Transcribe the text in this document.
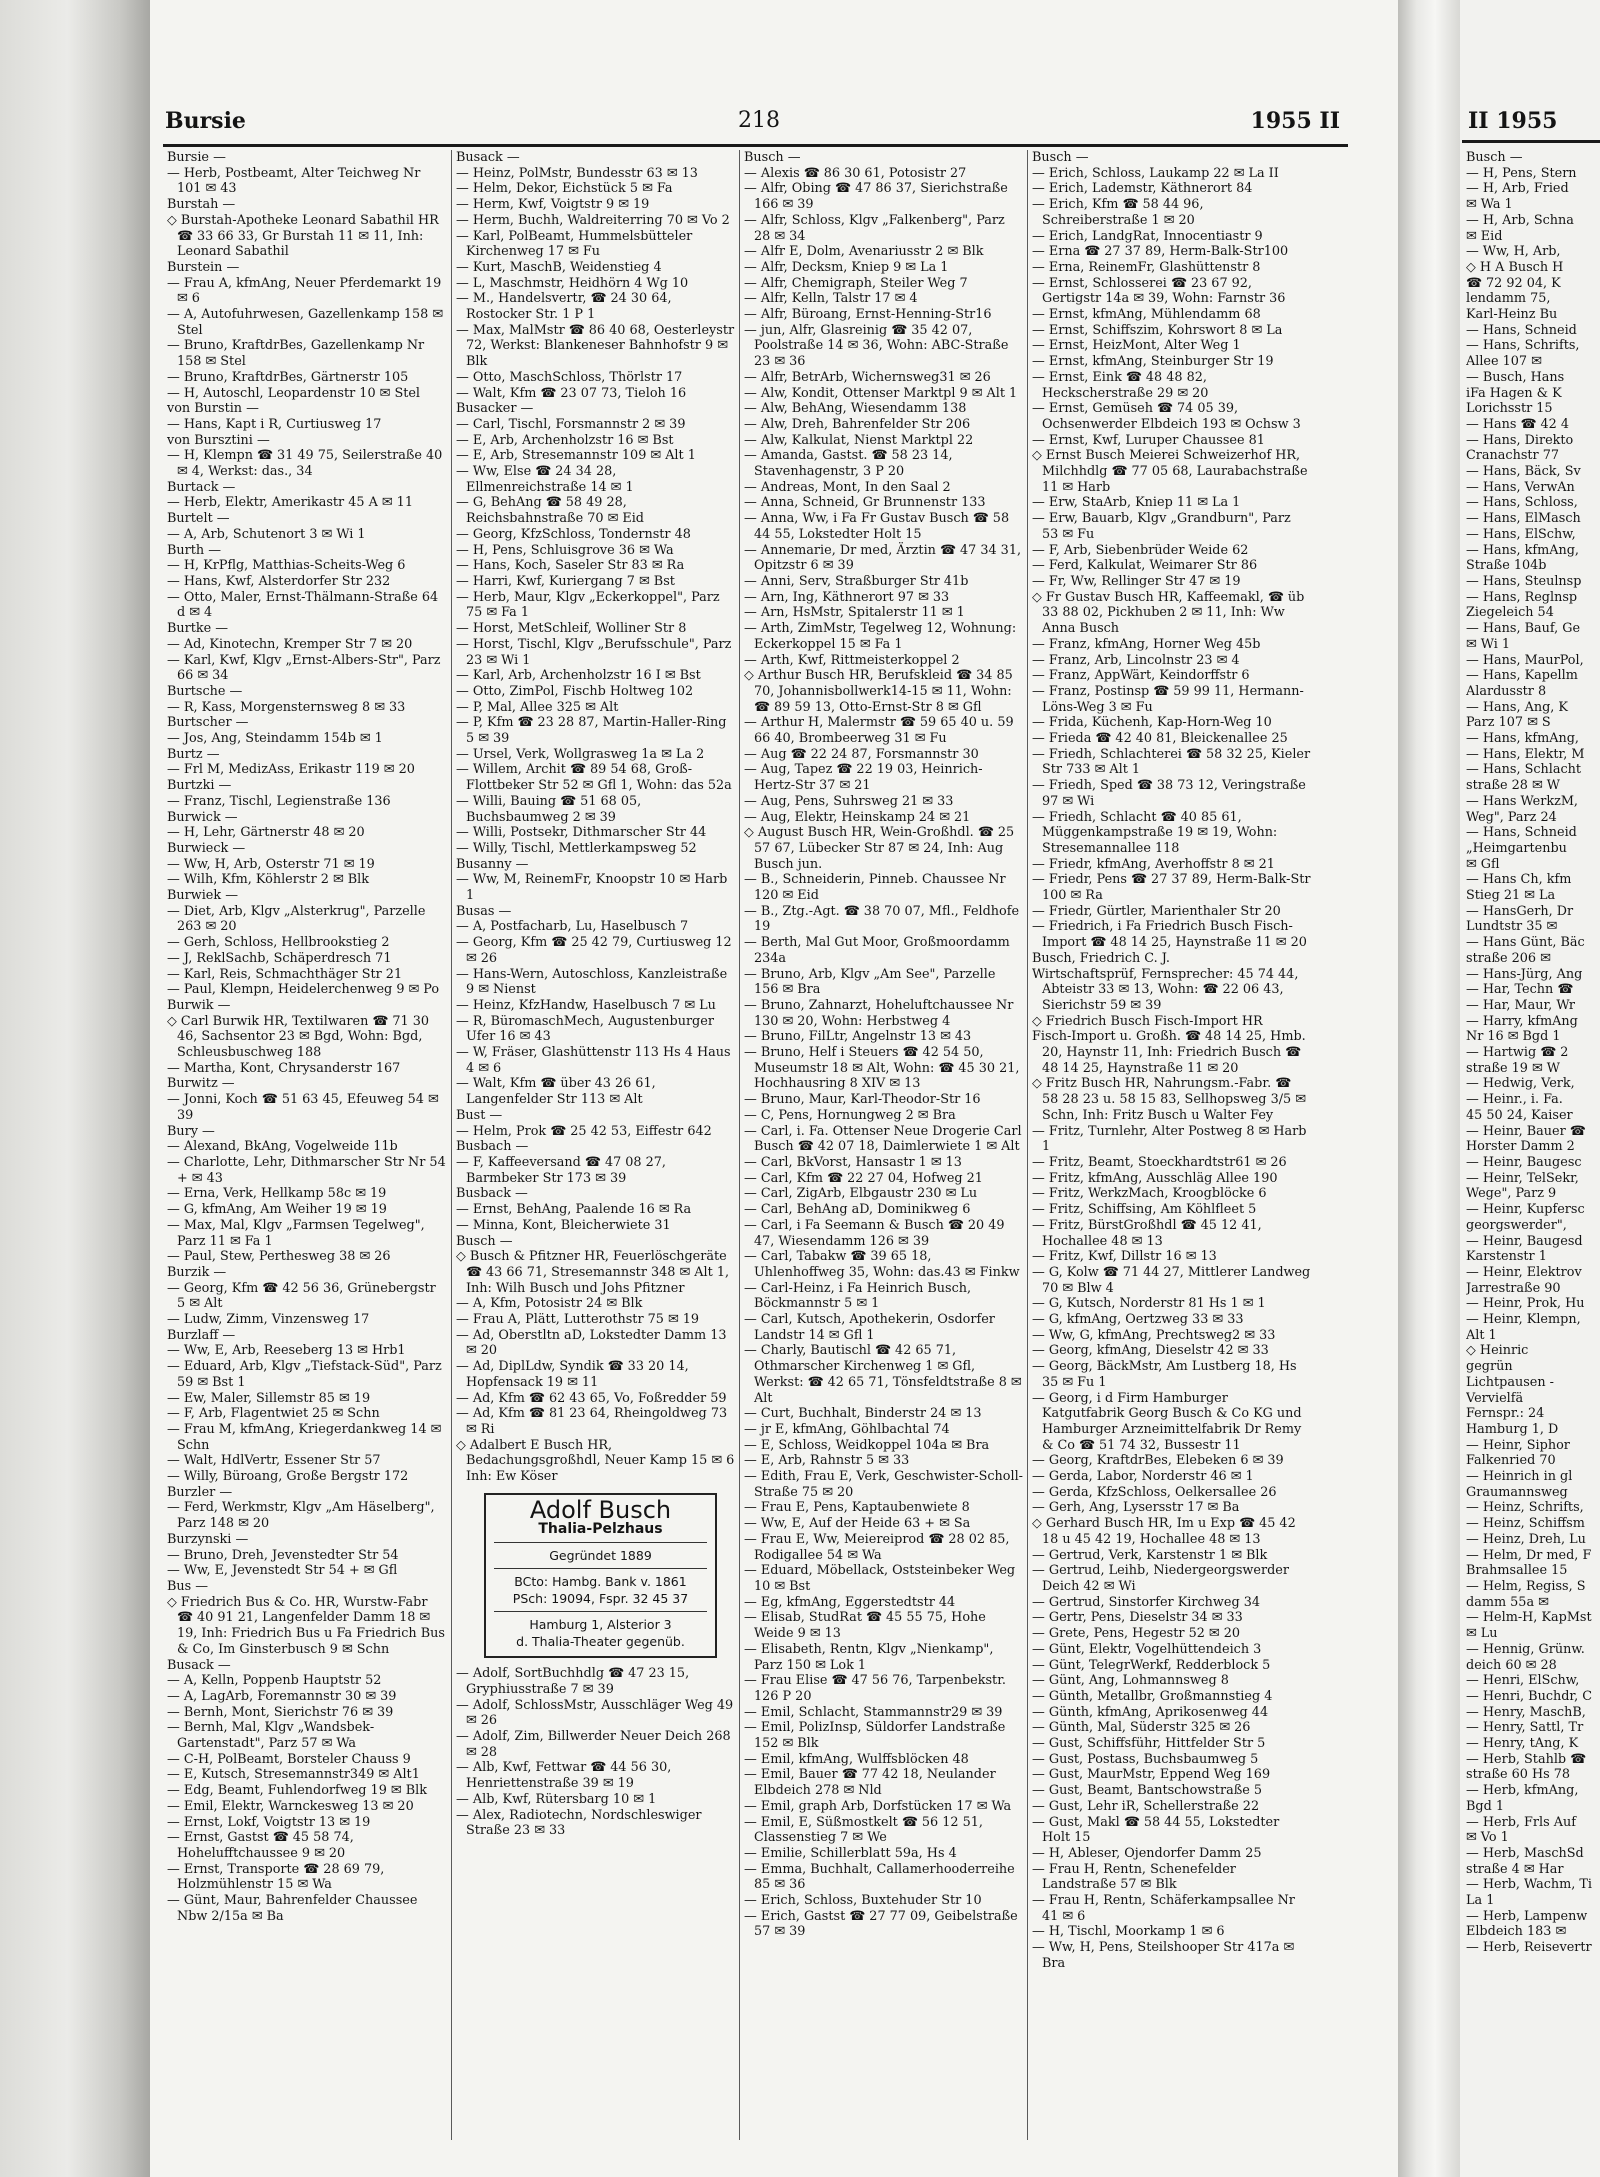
Bursie	218	1955 II
Bursie —
— Herb, Postbeamt, Alter Teichweg Nr 101 ✉ 43
Burstah —
◇ Burstah-Apotheke Leonard Sabathil HR ☎ 33 66 33, Gr Burstah 11 ✉ 11, Inh: Leonard Sabathil
Burstein —
— Frau A, kfmAng, Neuer Pferdemarkt 19 ✉ 6
— A, Autofuhrwesen, Gazellenkamp 158 ✉ Stel
— Bruno, KraftdrBes, Gazellenkamp Nr 158 ✉ Stel
— Bruno, KraftdrBes, Gärtnerstr 105
— H, Autoschl, Leopardenstr 10 ✉ Stel
von Burstin —
— Hans, Kapt i R, Curtiusweg 17
von Bursztini —
— H, Klempn ☎ 31 49 75, Seilerstraße 40 ✉ 4, Werkst: das., 34
Burtack —
— Herb, Elektr, Amerikastr 45 A ✉ 11
Burtelt —
— A, Arb, Schutenort 3 ✉ Wi 1
Burth —
— H, KrPflg, Matthias-Scheits-Weg 6
— Hans, Kwf, Alsterdorfer Str 232
— Otto, Maler, Ernst-Thälmann-Straße 64 d ✉ 4
Burtke —
— Ad, Kinotechn, Kremper Str 7 ✉ 20
— Karl, Kwf, Klgv „Ernst-Albers-Str", Parz 66 ✉ 34
Burtsche —
— R, Kass, Morgensternsweg 8 ✉ 33
Burtscher —
— Jos, Ang, Steindamm 154b ✉ 1
Burtz —
— Frl M, MedizAss, Erikastr 119 ✉ 20
Burtzki —
— Franz, Tischl, Legienstraße 136
Burwick —
— H, Lehr, Gärtnerstr 48 ✉ 20
Burwieck —
— Ww, H, Arb, Osterstr 71 ✉ 19
— Wilh, Kfm, Köhlerstr 2 ✉ Blk
Burwiek —
— Diet, Arb, Klgv „Alsterkrug", Parzelle 263 ✉ 20
— Gerh, Schloss, Hellbrookstieg 2
— J, ReklSachb, Schäperdresch 71
— Karl, Reis, Schmachthäger Str 21
— Paul, Klempn, Heidelerchenweg 9 ✉ Po
Burwik —
◇ Carl Burwik HR, Textilwaren ☎ 71 30 46, Sachsentor 23 ✉ Bgd, Wohn: Bgd, Schleusbuschweg 188
— Martha, Kont, Chrysanderstr 167
Burwitz —
— Jonni, Koch ☎ 51 63 45, Efeuweg 54 ✉ 39
Bury —
— Alexand, BkAng, Vogelweide 11b
— Charlotte, Lehr, Dithmarscher Str Nr 54 + ✉ 43
— Erna, Verk, Hellkamp 58c ✉ 19
— G, kfmAng, Am Weiher 19 ✉ 19
— Max, Mal, Klgv „Farmsen Tegelweg", Parz 11 ✉ Fa 1
— Paul, Stew, Perthesweg 38 ✉ 26
Burzik —
— Georg, Kfm ☎ 42 56 36, Grünebergstr 5 ✉ Alt
— Ludw, Zimm, Vinzensweg 17
Burzlaff —
— Ww, E, Arb, Reeseberg 13 ✉ Hrb1
— Eduard, Arb, Klgv „Tiefstack-Süd", Parz 59 ✉ Bst 1
— Ew, Maler, Sillemstr 85 ✉ 19
— F, Arb, Flagentwiet 25 ✉ Schn
— Frau M, kfmAng, Kriegerdankweg 14 ✉ Schn
— Walt, HdlVertr, Essener Str 57
— Willy, Büroang, Große Bergstr 172
Burzler —
— Ferd, Werkmstr, Klgv „Am Häselberg", Parz 148 ✉ 20
Burzynski —
— Bruno, Dreh, Jevenstedter Str 54
— Ww, E, Jevenstedt Str 54 + ✉ Gfl
Bus —
◇ Friedrich Bus & Co. HR, Wurstw-Fabr ☎ 40 91 21, Langenfelder Damm 18 ✉ 19, Inh: Friedrich Bus u Fa Friedrich Bus & Co, Im Ginsterbusch 9 ✉ Schn
Busack —
— A, Kelln, Poppenb Hauptstr 52
— A, LagArb, Foremannstr 30 ✉ 39
— Bernh, Mont, Sierichstr 76 ✉ 39
— Bernh, Mal, Klgv „Wandsbek-Gartenstadt", Parz 57 ✉ Wa
— C-H, PolBeamt, Borsteler Chauss 9
— E, Kutsch, Stresemannstr349 ✉ Alt1
— Edg, Beamt, Fuhlendorfweg 19 ✉ Blk
— Emil, Elektr, Warnckesweg 13 ✉ 20
— Ernst, Lokf, Voigtstr 13 ✉ 19
— Ernst, Gastst ☎ 45 58 74, Hohelufftchaussee 9 ✉ 20
— Ernst, Transporte ☎ 28 69 79, Holzmühlenstr 15 ✉ Wa
— Günt, Maur, Bahrenfelder Chaussee Nbw 2/15a ✉ Ba
Busack —
— Heinz, PolMstr, Bundesstr 63 ✉ 13
— Helm, Dekor, Eichstück 5 ✉ Fa
— Herm, Kwf, Voigtstr 9 ✉ 19
— Herm, Buchh, Waldreiterring 70 ✉ Vo 2
— Karl, PolBeamt, Hummelsbütteler Kirchenweg 17 ✉ Fu
— Kurt, MaschB, Weidenstieg 4
— L, Maschmstr, Heidhörn 4 Wg 10
— M., Handelsvertr, ☎ 24 30 64, Rostocker Str. 1 P 1
— Max, MalMstr ☎ 86 40 68, Oesterleystr 72, Werkst: Blankeneser Bahnhofstr 9 ✉ Blk
— Otto, MaschSchloss, Thörlstr 17
— Walt, Kfm ☎ 23 07 73, Tieloh 16
Busacker —
— Carl, Tischl, Forsmannstr 2 ✉ 39
— E, Arb, Archenholzstr 16 ✉ Bst
— E, Arb, Stresemannstr 109 ✉ Alt 1
— Ww, Else ☎ 24 34 28, Ellmenreichstraße 14 ✉ 1
— G, BehAng ☎ 58 49 28, Reichsbahnstraße 70 ✉ Eid
— Georg, KfzSchloss, Tondernstr 48
— H, Pens, Schluisgrove 36 ✉ Wa
— Hans, Koch, Saseler Str 83 ✉ Ra
— Harri, Kwf, Kuriergang 7 ✉ Bst
— Herb, Maur, Klgv „Eckerkoppel", Parz 75 ✉ Fa 1
— Horst, MetSchleif, Wolliner Str 8
— Horst, Tischl, Klgv „Berufsschule", Parz 23 ✉ Wi 1
— Karl, Arb, Archenholzstr 16 I ✉ Bst
— Otto, ZimPol, Fischb Holtweg 102
— P, Mal, Allee 325 ✉ Alt
— P, Kfm ☎ 23 28 87, Martin-Haller-Ring 5 ✉ 39
— Ursel, Verk, Wollgrasweg 1a ✉ La 2
— Willem, Archit ☎ 89 54 68, Groß-Flottbeker Str 52 ✉ Gfl 1, Wohn: das 52a
— Willi, Bauing ☎ 51 68 05, Buchsbaumweg 2 ✉ 39
— Willi, Postsekr, Dithmarscher Str 44
— Willy, Tischl, Mettlerkampsweg 52
Busanny —
— Ww, M, ReinemFr, Knoopstr 10 ✉ Harb 1
Busas —
— A, Postfacharb, Lu, Haselbusch 7
— Georg, Kfm ☎ 25 42 79, Curtiusweg 12 ✉ 26
— Hans-Wern, Autoschloss, Kanzleistraße 9 ✉ Nienst
— Heinz, KfzHandw, Haselbusch 7 ✉ Lu
— R, BüromaschMech, Augustenburger Ufer 16 ✉ 43
— W, Fräser, Glashüttenstr 113 Hs 4 Haus 4 ✉ 6
— Walt, Kfm ☎ über 43 26 61, Langenfelder Str 113 ✉ Alt
Bust —
— Helm, Prok ☎ 25 42 53, Eiffestr 642
Busbach —
— F, Kaffeeversand ☎ 47 08 27, Barmbeker Str 173 ✉ 39
Busback —
— Ernst, BehAng, Paalende 16 ✉ Ra
— Minna, Kont, Bleicherwiete 31
Busch —
◇ Busch & Pfitzner HR, Feuerlöschgeräte ☎ 43 66 71, Stresemannstr 348 ✉ Alt 1, Inh: Wilh Busch und Johs Pfitzner
— A, Kfm, Potosistr 24 ✉ Blk
— Frau A, Plätt, Lutterothstr 75 ✉ 19
— Ad, Oberstltn aD, Lokstedter Damm 13 ✉ 20
— Ad, DiplLdw, Syndik ☎ 33 20 14, Hopfensack 19 ✉ 11
— Ad, Kfm ☎ 62 43 65, Vo, Foßredder 59
— Ad, Kfm ☎ 81 23 64, Rheingoldweg 73 ✉ Ri
◇ Adalbert E Busch HR, Bedachungsgroßhdl, Neuer Kamp 15 ✉ 6 Inh: Ew Köser
Adolf Busch
Thalia-Pelzhaus
Gegründet 1889
BCto: Hambg. Bank v. 1861
PSch: 19094, Fspr. 32 45 37
Hamburg 1, Alsterior 3
d. Thalia-Theater gegenüb.
— Adolf, SortBuchhdlg ☎ 47 23 15, Gryphiusstraße 7 ✉ 39
— Adolf, SchlossMstr, Ausschläger Weg 49 ✉ 26
— Adolf, Zim, Billwerder Neuer Deich 268 ✉ 28
— Alb, Kwf, Fettwar ☎ 44 56 30, Henriettenstraße 39 ✉ 19
— Alb, Kwf, Rütersbarg 10 ✉ 1
— Alex, Radiotechn, Nordschleswiger Straße 23 ✉ 33
Busch —
— Alexis ☎ 86 30 61, Potosistr 27
— Alfr, Obing ☎ 47 86 37, Sierichstraße 166 ✉ 39
— Alfr, Schloss, Klgv „Falkenberg", Parz 28 ✉ 34
— Alfr E, Dolm, Avenariusstr 2 ✉ Blk
— Alfr, Decksm, Kniep 9 ✉ La 1
— Alfr, Chemigraph, Steiler Weg 7
— Alfr, Kelln, Talstr 17 ✉ 4
— Alfr, Büroang, Ernst-Henning-Str16
— jun, Alfr, Glasreinig ☎ 35 42 07, Poolstraße 14 ✉ 36, Wohn: ABC-Straße 23 ✉ 36
— Alfr, BetrArb, Wichernsweg31 ✉ 26
— Alw, Kondit, Ottenser Marktpl 9 ✉ Alt 1
— Alw, BehAng, Wiesendamm 138
— Alw, Dreh, Bahrenfelder Str 206
— Alw, Kalkulat, Nienst Marktpl 22
— Amanda, Gastst. ☎ 58 23 14, Stavenhagenstr, 3 P 20
— Andreas, Mont, In den Saal 2
— Anna, Schneid, Gr Brunnenstr 133
— Anna, Ww, i Fa Fr Gustav Busch ☎ 58 44 55, Lokstedter Holt 15
— Annemarie, Dr med, Ärztin ☎ 47 34 31, Opitzstr 6 ✉ 39
— Anni, Serv, Straßburger Str 41b
— Arn, Ing, Käthnerort 97 ✉ 33
— Arn, HsMstr, Spitalerstr 11 ✉ 1
— Arth, ZimMstr, Tegelweg 12, Wohnung: Eckerkoppel 15 ✉ Fa 1
— Arth, Kwf, Rittmeisterkoppel 2
◇ Arthur Busch HR, Berufskleid ☎ 34 85 70, Johannisbollwerk14-15 ✉ 11, Wohn: ☎ 89 59 13, Otto-Ernst-Str 8 ✉ Gfl
— Arthur H, Malermstr ☎ 59 65 40 u. 59 66 40, Brombeerweg 31 ✉ Fu
— Aug ☎ 22 24 87, Forsmannstr 30
— Aug, Tapez ☎ 22 19 03, Heinrich-Hertz-Str 37 ✉ 21
— Aug, Pens, Suhrsweg 21 ✉ 33
— Aug, Elektr, Heinskamp 24 ✉ 21
◇ August Busch HR, Wein-Großhdl. ☎ 25 57 67, Lübecker Str 87 ✉ 24, Inh: Aug Busch jun.
— B., Schneiderin, Pinneb. Chaussee Nr 120 ✉ Eid
— B., Ztg.-Agt. ☎ 38 70 07, Mfl., Feldhofe 19
— Berth, Mal Gut Moor, Großmoordamm 234a
— Bruno, Arb, Klgv „Am See", Parzelle 156 ✉ Bra
— Bruno, Zahnarzt, Hoheluftchaussee Nr 130 ✉ 20, Wohn: Herbstweg 4
— Bruno, FilLtr, Angelnstr 13 ✉ 43
— Bruno, Helf i Steuers ☎ 42 54 50, Museumstr 18 ✉ Alt, Wohn: ☎ 45 30 21, Hochhausring 8 XIV ✉ 13
— Bruno, Maur, Karl-Theodor-Str 16
— C, Pens, Hornungweg 2 ✉ Bra
— Carl, i. Fa. Ottenser Neue Drogerie Carl Busch ☎ 42 07 18, Daimlerwiete 1 ✉ Alt
— Carl, BkVorst, Hansastr 1 ✉ 13
— Carl, Kfm ☎ 22 27 04, Hofweg 21
— Carl, ZigArb, Elbgaustr 230 ✉ Lu
— Carl, BehAng aD, Dominikweg 6
— Carl, i Fa Seemann & Busch ☎ 20 49 47, Wiesendamm 126 ✉ 39
— Carl, Tabakw ☎ 39 65 18, Uhlenhoffweg 35, Wohn: das.43 ✉ Finkw
— Carl-Heinz, i Fa Heinrich Busch, Böckmannstr 5 ✉ 1
— Carl, Kutsch, Apothekerin, Osdorfer Landstr 14 ✉ Gfl 1
— Charly, Bautischl ☎ 42 65 71, Othmarscher Kirchenweg 1 ✉ Gfl, Werkst: ☎ 42 65 71, Tönsfeldtstraße 8 ✉ Alt
— Curt, Buchhalt, Binderstr 24 ✉ 13
— jr E, kfmAng, Göhlbachtal 74
— E, Schloss, Weidkoppel 104a ✉ Bra
— E, Arb, Rahnstr 5 ✉ 33
— Edith, Frau E, Verk, Geschwister-Scholl-Straße 75 ✉ 20
— Frau E, Pens, Kaptaubenwiete 8
— Ww, E, Auf der Heide 63 + ✉ Sa
— Frau E, Ww, Meiereiprod ☎ 28 02 85, Rodigallee 54 ✉ Wa
— Eduard, Möbellack, Oststeinbeker Weg 10 ✉ Bst
— Eg, kfmAng, Eggerstedtstr 44
— Elisab, StudRat ☎ 45 55 75, Hohe Weide 9 ✉ 13
— Elisabeth, Rentn, Klgv „Nienkamp", Parz 150 ✉ Lok 1
— Frau Elise ☎ 47 56 76, Tarpenbekstr. 126 P 20
— Emil, Schlacht, Stammannstr29 ✉ 39
— Emil, PolizInsp, Süldorfer Landstraße 152 ✉ Blk
— Emil, kfmAng, Wulffsblöcken 48
— Emil, Bauer ☎ 77 42 18, Neulander Elbdeich 278 ✉ Nld
— Emil, graph Arb, Dorfstücken 17 ✉ Wa
— Emil, E, Süßmostkelt ☎ 56 12 51, Classenstieg 7 ✉ We
— Emilie, Schillerblatt 59a, Hs 4
— Emma, Buchhalt, Callamerhooderreihe 85 ✉ 36
— Erich, Schloss, Buxtehuder Str 10
— Erich, Gastst ☎ 27 77 09, Geibelstraße 57 ✉ 39
Busch —
— Erich, Schloss, Laukamp 22 ✉ La II
— Erich, Lademstr, Käthnerort 84
— Erich, Kfm ☎ 58 44 96, Schreiberstraße 1 ✉ 20
— Erich, LandgRat, Innocentiastr 9
— Erna ☎ 27 37 89, Herm-Balk-Str100
— Erna, ReinemFr, Glashüttenstr 8
— Ernst, Schlosserei ☎ 23 67 92, Gertigstr 14a ✉ 39, Wohn: Farnstr 36
— Ernst, kfmAng, Mühlendamm 68
— Ernst, Schiffszim, Kohrswort 8 ✉ La
— Ernst, HeizMont, Alter Weg 1
— Ernst, kfmAng, Steinburger Str 19
— Ernst, Eink ☎ 48 48 82, Heckscherstraße 29 ✉ 20
— Ernst, Gemüseh ☎ 74 05 39, Ochsenwerder Elbdeich 193 ✉ Ochsw 3
— Ernst, Kwf, Luruper Chaussee 81
◇ Ernst Busch Meierei Schweizerhof HR, Milchhdlg ☎ 77 05 68, Laurabachstraße 11 ✉ Harb
— Erw, StaArb, Kniep 11 ✉ La 1
— Erw, Bauarb, Klgv „Grandburn", Parz 53 ✉ Fu
— F, Arb, Siebenbrüder Weide 62
— Ferd, Kalkulat, Weimarer Str 86
— Fr, Ww, Rellinger Str 47 ✉ 19
◇ Fr Gustav Busch HR, Kaffeemakl, ☎ üb 33 88 02, Pickhuben 2 ✉ 11, Inh: Ww Anna Busch
— Franz, kfmAng, Horner Weg 45b
— Franz, Arb, Lincolnstr 23 ✉ 4
— Franz, AppWärt, Keindorffstr 6
— Franz, Postinsp ☎ 59 99 11, Hermann-Löns-Weg 3 ✉ Fu
— Frida, Küchenh, Kap-Horn-Weg 10
— Frieda ☎ 42 40 81, Bleickenallee 25
— Friedh, Schlachterei ☎ 58 32 25, Kieler Str 733 ✉ Alt 1
— Friedh, Sped ☎ 38 73 12, Veringstraße 97 ✉ Wi
— Friedh, Schlacht ☎ 40 85 61, Müggenkampstraße 19 ✉ 19, Wohn: Stresemannallee 118
— Friedr, kfmAng, Averhoffstr 8 ✉ 21
— Friedr, Pens ☎ 27 37 89, Herm-Balk-Str 100 ✉ Ra
— Friedr, Gürtler, Marienthaler Str 20
— Friedrich, i Fa Friedrich Busch Fisch-Import ☎ 48 14 25, Haynstraße 11 ✉ 20
Busch, Friedrich C. J.
Wirtschaftsprüf, Fernsprecher: 45 74 44, Abteistr 33 ✉ 13, Wohn: ☎ 22 06 43, Sierichstr 59 ✉ 39
◇ Friedrich Busch Fisch-Import HR
Fisch-Import u. Großh. ☎ 48 14 25, Hmb. 20, Haynstr 11, Inh: Friedrich Busch ☎ 48 14 25, Haynstraße 11 ✉ 20
◇ Fritz Busch HR, Nahrungsm.-Fabr. ☎ 58 28 23 u. 58 15 83, Sellhopsweg 3/5 ✉ Schn, Inh: Fritz Busch u Walter Fey
— Fritz, Turnlehr, Alter Postweg 8 ✉ Harb 1
— Fritz, Beamt, Stoeckhardtstr61 ✉ 26
— Fritz, kfmAng, Ausschläg Allee 190
— Fritz, WerkzMach, Kroogblöcke 6
— Fritz, Schiffsing, Am Köhlfleet 5
— Fritz, BürstGroßhdl ☎ 45 12 41, Hochallee 48 ✉ 13
— Fritz, Kwf, Dillstr 16 ✉ 13
— G, Kolw ☎ 71 44 27, Mittlerer Landweg 70 ✉ Blw 4
— G, Kutsch, Norderstr 81 Hs 1 ✉ 1
— G, kfmAng, Oertzweg 33 ✉ 33
— Ww, G, kfmAng, Prechtsweg2 ✉ 33
— Georg, kfmAng, Dieselstr 42 ✉ 33
— Georg, BäckMstr, Am Lustberg 18, Hs 35 ✉ Fu 1
— Georg, i d Firm Hamburger Katgutfabrik Georg Busch & Co KG und Hamburger Arzneimittelfabrik Dr Remy & Co ☎ 51 74 32, Bussestr 11
— Georg, KraftdrBes, Elebeken 6 ✉ 39
— Gerda, Labor, Norderstr 46 ✉ 1
— Gerda, KfzSchloss, Oelkersallee 26
— Gerh, Ang, Lysersstr 17 ✉ Ba
◇ Gerhard Busch HR, Im u Exp ☎ 45 42 18 u 45 42 19, Hochallee 48 ✉ 13
— Gertrud, Verk, Karstenstr 1 ✉ Blk
— Gertrud, Leihb, Niedergeorgswerder Deich 42 ✉ Wi
— Gertrud, Sinstorfer Kirchweg 34
— Gertr, Pens, Dieselstr 34 ✉ 33
— Grete, Pens, Hegestr 52 ✉ 20
— Günt, Elektr, Vogelhüttendeich 3
— Günt, TelegrWerkf, Redderblock 5
— Günt, Ang, Lohmannsweg 8
— Günth, Metallbr, Großmannstieg 4
— Günth, kfmAng, Aprikosenweg 44
— Günth, Mal, Süderstr 325 ✉ 26
— Gust, Schiffsführ, Hittfelder Str 5
— Gust, Postass, Buchsbaumweg 5
— Gust, MaurMstr, Eppend Weg 169
— Gust, Beamt, Bantschowstraße 5
— Gust, Lehr iR, Schellerstraße 22
— Gust, Makl ☎ 58 44 55, Lokstedter Holt 15
— H, Ableser, Ojendorfer Damm 25
— Frau H, Rentn, Schenefelder Landstraße 57 ✉ Blk
— Frau H, Rentn, Schäferkampsallee Nr 41 ✉ 6
— H, Tischl, Moorkamp 1 ✉ 6
— Ww, H, Pens, Steilshooper Str 417a ✉ Bra
II 1955
Busch —
— H, Pens, Stern
— H, Arb, Fried
✉ Wa 1
— H, Arb, Schna
✉ Eid
— Ww, H, Arb,
◇ H A Busch H
☎ 72 92 04, K
lendamm 75,
Karl-Heinz Bu
— Hans, Schneid
— Hans, Schrifts,
Allee 107 ✉
— Busch, Hans
iFa Hagen & K
Lorichsstr 15
— Hans ☎ 42 4
— Hans, Direkto
Cranachstr 77
— Hans, Bäck, Sv
— Hans, VerwAn
— Hans, Schloss,
— Hans, ElMasch
— Hans, ElSchw,
— Hans, kfmAng,
Straße 104b
— Hans, Steulnsp
— Hans, Reglnsp
Ziegeleich 54
— Hans, Bauf, Ge
✉ Wi 1
— Hans, MaurPol,
— Hans, Kapellm
Alardusstr 8
— Hans, Ang, K
Parz 107 ✉ S
— Hans, kfmAng,
— Hans, Elektr, M
— Hans, Schlacht
straße 28 ✉ W
— Hans WerkzM,
Weg", Parz 24
— Hans, Schneid
„Heimgartenbu
✉ Gfl
— Hans Ch, kfm
Stieg 21 ✉ La
— HansGerh, Dr
Lundtstr 35 ✉
— Hans Günt, Bäc
straße 206 ✉
— Hans-Jürg, Ang
— Har, Techn ☎
— Har, Maur, Wr
— Harry, kfmAng
Nr 16 ✉ Bgd 1
— Hartwig ☎ 2
straße 19 ✉ W
— Hedwig, Verk,
— Heinr., i. Fa.
45 50 24, Kaiser
— Heinr, Bauer ☎
Horster Damm 2
— Heinr, Baugesc
— Heinr, TelSekr,
Wege", Parz 9
— Heinr, Kupfersc
georgswerder",
— Heinr, Baugesd
Karstenstr 1
— Heinr, Elektrov
Jarrestraße 90
— Heinr, Prok, Hu
— Heinr, Klempn,
Alt 1
◇ Heinric
gegrün
Lichtpausen -
Vervielfä
Fernspr.: 24
Hamburg 1, D
— Heinr, Siphor
Falkenried 70
— Heinrich in gl
Graumannsweg
— Heinz, Schrifts,
— Heinz, Schiffsm
— Heinz, Dreh, Lu
— Helm, Dr med, F
Brahmsallee 15
— Helm, Regiss, S
damm 55a ✉
— Helm-H, KapMst
✉ Lu
— Hennig, Grünw.
deich 60 ✉ 28
— Henri, ElSchw,
— Henri, Buchdr, C
— Henry, MaschB,
— Henry, Sattl, Tr
— Henry, tAng, K
— Herb, Stahlb ☎
straße 60 Hs 78
— Herb, kfmAng,
Bgd 1
— Herb, Frls Auf
✉ Vo 1
— Herb, MaschSd
straße 4 ✉ Har
— Herb, Wachm, Ti
La 1
— Herb, Lampenw
Elbdeich 183 ✉
— Herb, Reisevertr
